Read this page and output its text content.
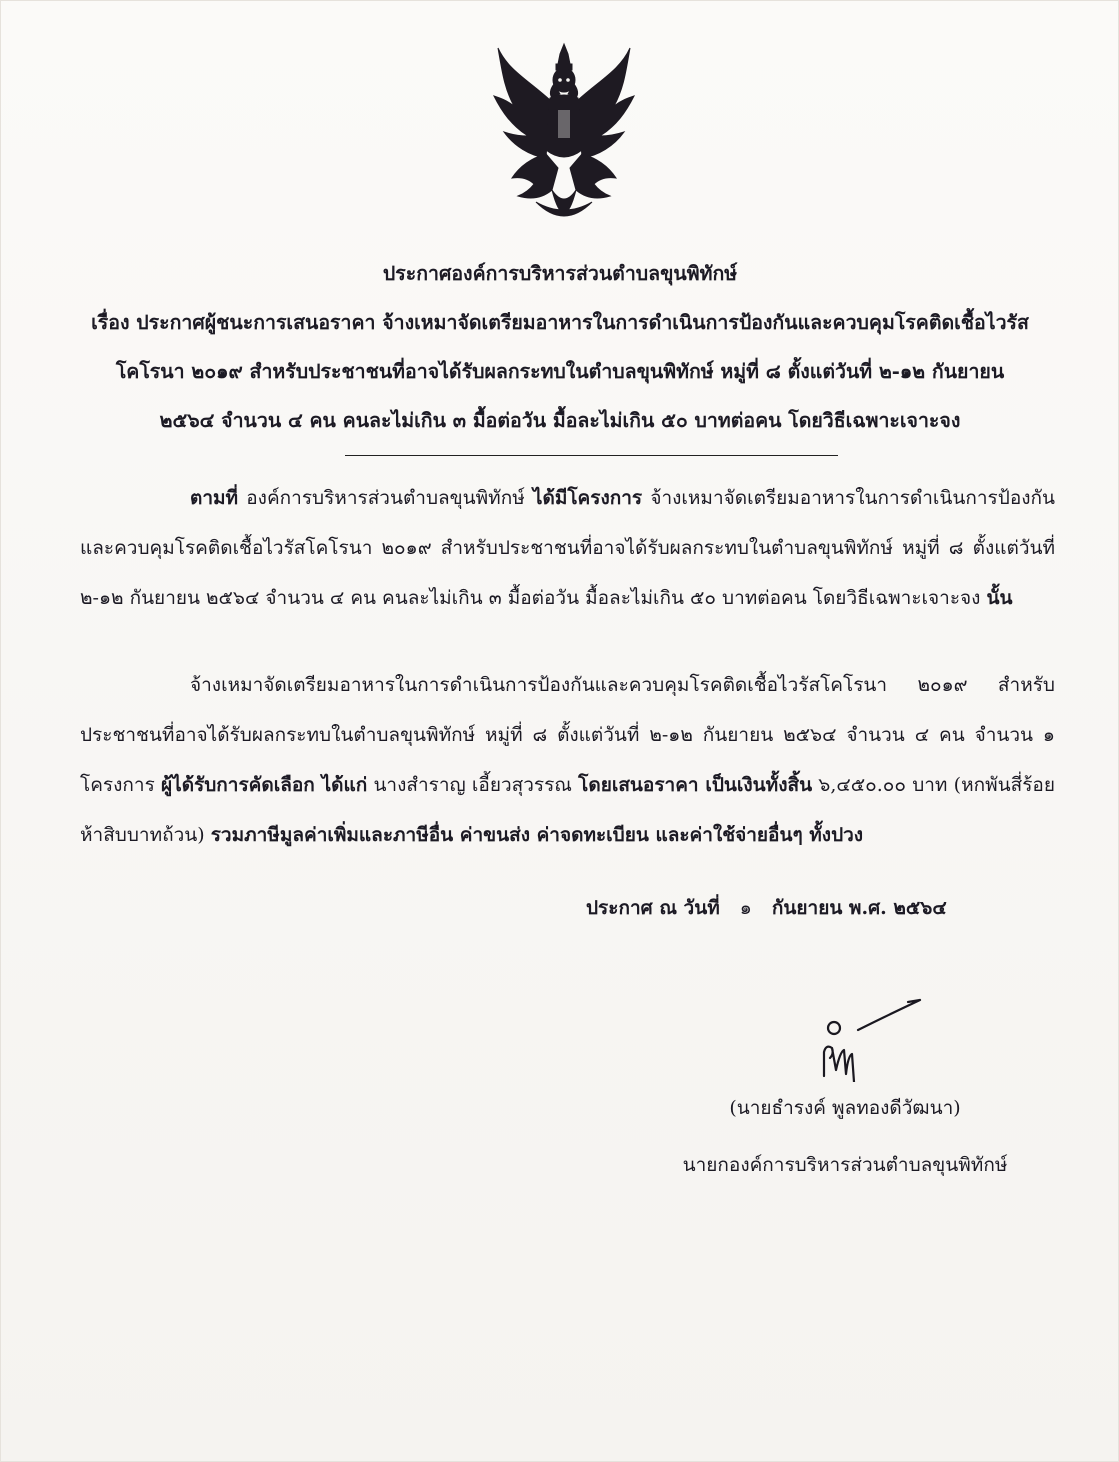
ประกาศองค์การบริหารส่วนตำบลขุนพิทักษ์
เรื่อง ประกาศผู้ชนะการเสนอราคา จ้างเหมาจัดเตรียมอาหารในการดำเนินการป้องกันและควบคุมโรคติดเชื้อไวรัส
โคโรนา ๒๐๑๙ สำหรับประชาชนที่อาจได้รับผลกระทบในตำบลขุนพิทักษ์ หมู่ที่ ๘ ตั้งแต่วันที่ ๒-๑๒ กันยายน
๒๕๖๔ จำนวน ๔ คน คนละไม่เกิน ๓ มื้อต่อวัน มื้อละไม่เกิน ๕๐ บาทต่อคน โดยวิธีเฉพาะเจาะจง
ตามที่ องค์การบริหารส่วนตำบลขุนพิทักษ์ ได้มีโครงการ จ้างเหมาจัดเตรียมอาหารในการดำเนินการป้องกันและควบคุมโรคติดเชื้อไวรัสโคโรนา ๒๐๑๙ สำหรับประชาชนที่อาจได้รับผลกระทบในตำบลขุนพิทักษ์ หมู่ที่ ๘ ตั้งแต่วันที่ ๒-๑๒ กันยายน ๒๕๖๔ จำนวน ๔ คน คนละไม่เกิน ๓ มื้อต่อวัน มื้อละไม่เกิน ๕๐ บาทต่อคน โดยวิธีเฉพาะเจาะจง นั้น
จ้างเหมาจัดเตรียมอาหารในการดำเนินการป้องกันและควบคุมโรคติดเชื้อไวรัสโคโรนา ๒๐๑๙ สำหรับประชาชนที่อาจได้รับผลกระทบในตำบลขุนพิทักษ์ หมู่ที่ ๘ ตั้งแต่วันที่ ๒-๑๒ กันยายน ๒๕๖๔ จำนวน ๔ คน จำนวน ๑ โครงการ ผู้ได้รับการคัดเลือก ได้แก่ นางสำราญ เอี้ยวสุวรรณ โดยเสนอราคา เป็นเงินทั้งสิ้น ๖,๔๕๐.๐๐ บาท (หกพันสี่ร้อยห้าสิบบาทถ้วน) รวมภาษีมูลค่าเพิ่มและภาษีอื่น ค่าขนส่ง ค่าจดทะเบียน และค่าใช้จ่ายอื่นๆ ทั้งปวง
ประกาศ ณ วันที่ ๑ กันยายน พ.ศ. ๒๕๖๔
(นายธำรงค์ พูลทองดีวัฒนา)
นายกองค์การบริหารส่วนตำบลขุนพิทักษ์
